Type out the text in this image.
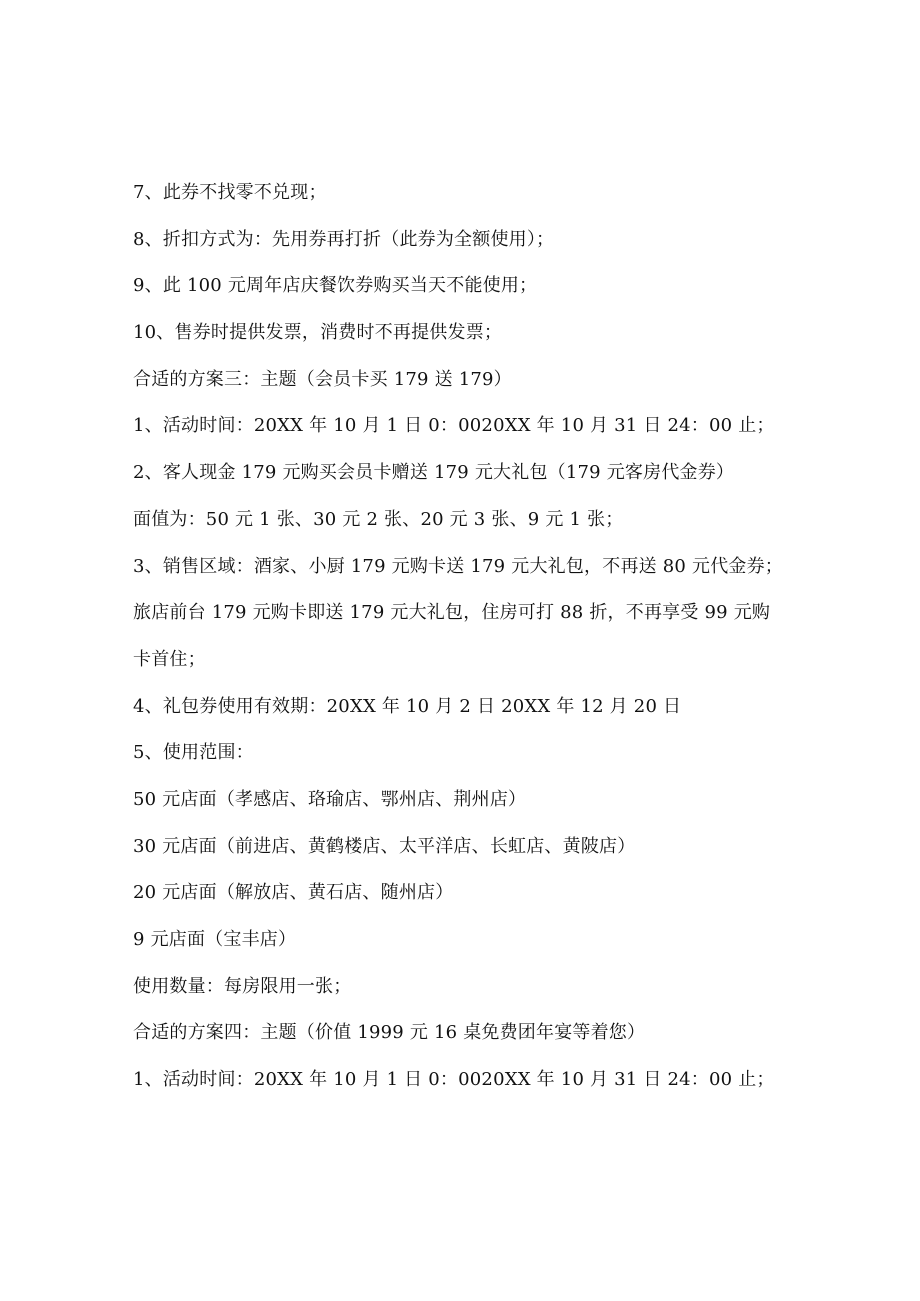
7、此券不找零不兑现；
8、折扣方式为：先用券再打折（此券为全额使用）；
9、此 100 元周年店庆餐饮券购买当天不能使用；
10、售券时提供发票，消费时不再提供发票；
合适的方案三：主题（会员卡买 179 送 179）
1、活动时间：20XX 年 10 月 1 日 0：0020XX 年 10 月 31 日 24：00 止；
2、客人现金 179 元购买会员卡赠送 179 元大礼包（179 元客房代金券）
面值为：50 元 1 张、30 元 2 张、20 元 3 张、9 元 1 张；
3、销售区域：酒家、小厨 179 元购卡送 179 元大礼包，不再送 80 元代金券；
旅店前台 179 元购卡即送 179 元大礼包，住房可打 88 折，不再享受 99 元购
卡首住；
4、礼包券使用有效期：20XX 年 10 月 2 日 20XX 年 12 月 20 日
5、使用范围：
50 元店面（孝感店、珞瑜店、鄂州店、荆州店）
30 元店面（前进店、黄鹤楼店、太平洋店、长虹店、黄陂店）
20 元店面（解放店、黄石店、随州店）
9 元店面（宝丰店）
使用数量：每房限用一张；
合适的方案四：主题（价值 1999 元 16 桌免费团年宴等着您）
1、活动时间：20XX 年 10 月 1 日 0：0020XX 年 10 月 31 日 24：00 止；
